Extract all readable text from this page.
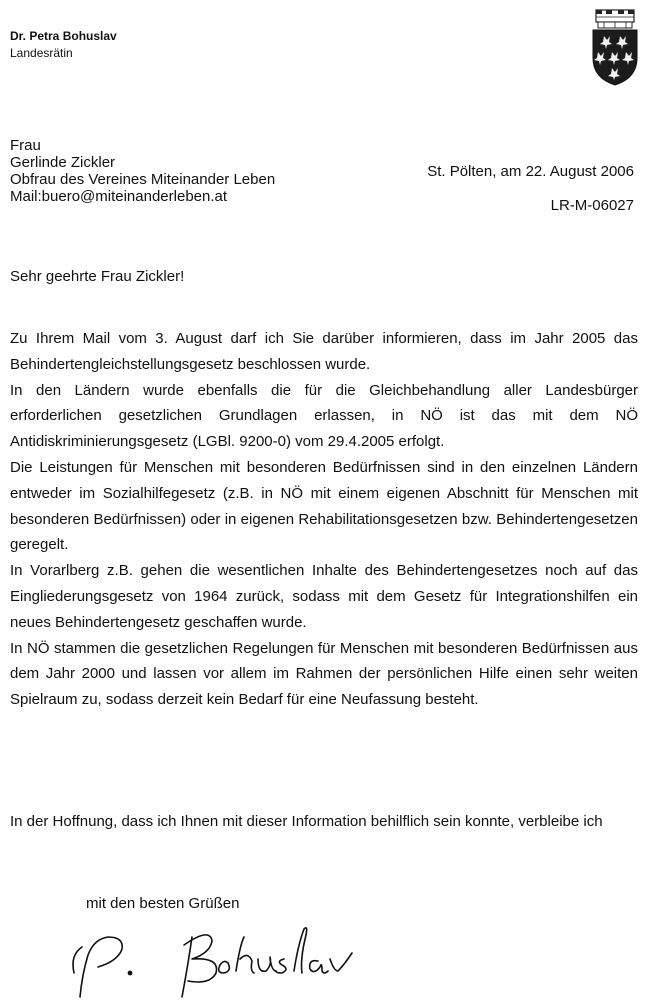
Dr. Petra Bohuslav
Landesrätin
Frau
Gerlinde Zickler
Obfrau des Vereines Miteinander Leben
Mail:buero@miteinanderleben.at
St. Pölten, am 22. August 2006
LR-M-06027
Sehr geehrte Frau Zickler!

Zu Ihrem Mail vom 3. August darf ich Sie darüber informieren, dass im Jahr 2005 das Behindertengleichstellungsgesetz beschlossen wurde.

In den Ländern wurde ebenfalls die für die Gleichbehandlung aller Landesbürger erforderlichen gesetzlichen Grundlagen erlassen, in NÖ ist das mit dem NÖ Antidiskriminierungsgesetz (LGBl. 9200-0) vom 29.4.2005 erfolgt.

Die Leistungen für Menschen mit besonderen Bedürfnissen sind in den einzelnen Ländern entweder im Sozialhilfegesetz (z.B. in NÖ mit einem eigenen Abschnitt für Menschen mit besonderen Bedürfnissen) oder in eigenen Rehabilitationsgesetzen bzw. Behindertengesetzen geregelt.

In Vorarlberg z.B. gehen die wesentlichen Inhalte des Behindertengesetzes noch auf das Eingliederungsgesetz von 1964 zurück, sodass mit dem Gesetz für Integrationshilfen ein neues Behindertengesetz geschaffen wurde.

In NÖ stammen die gesetzlichen Regelungen für Menschen mit besonderen Bedürfnissen aus dem Jahr 2000 und lassen vor allem im Rahmen der persönlichen Hilfe einen sehr weiten Spielraum zu, sodass derzeit kein Bedarf für eine Neufassung besteht.

In der Hoffnung, dass ich Ihnen mit dieser Information behilflich sein konnte, verbleibe ich
mit den besten Grüßen
